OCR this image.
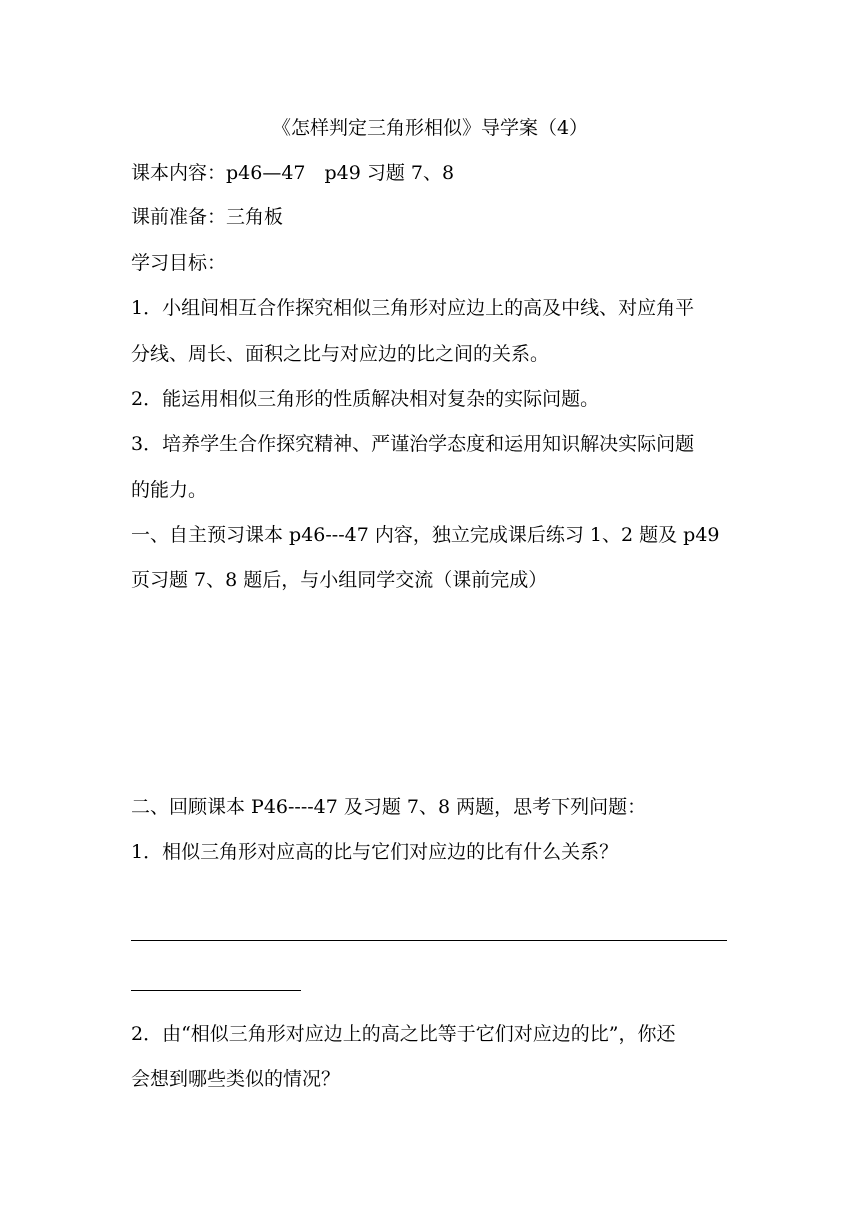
《怎样判定三角形相似》导学案（4）
课本内容：p46—47　p49 习题 7、8
课前准备：三角板
学习目标：
1．小组间相互合作探究相似三角形对应边上的高及中线、对应角平
分线、周长、面积之比与对应边的比之间的关系。
2．能运用相似三角形的性质解决相对复杂的实际问题。
3．培养学生合作探究精神、严谨治学态度和运用知识解决实际问题
的能力。
一、自主预习课本 p46---47 内容，独立完成课后练习 1、2 题及 p49
页习题 7、8 题后，与小组同学交流（课前完成）
二、回顾课本 P46----47 及习题 7、8 两题，思考下列问题：
1．相似三角形对应高的比与它们对应边的比有什么关系？
2．由“相似三角形对应边上的高之比等于它们对应边的比”，你还
会想到哪些类似的情况？
